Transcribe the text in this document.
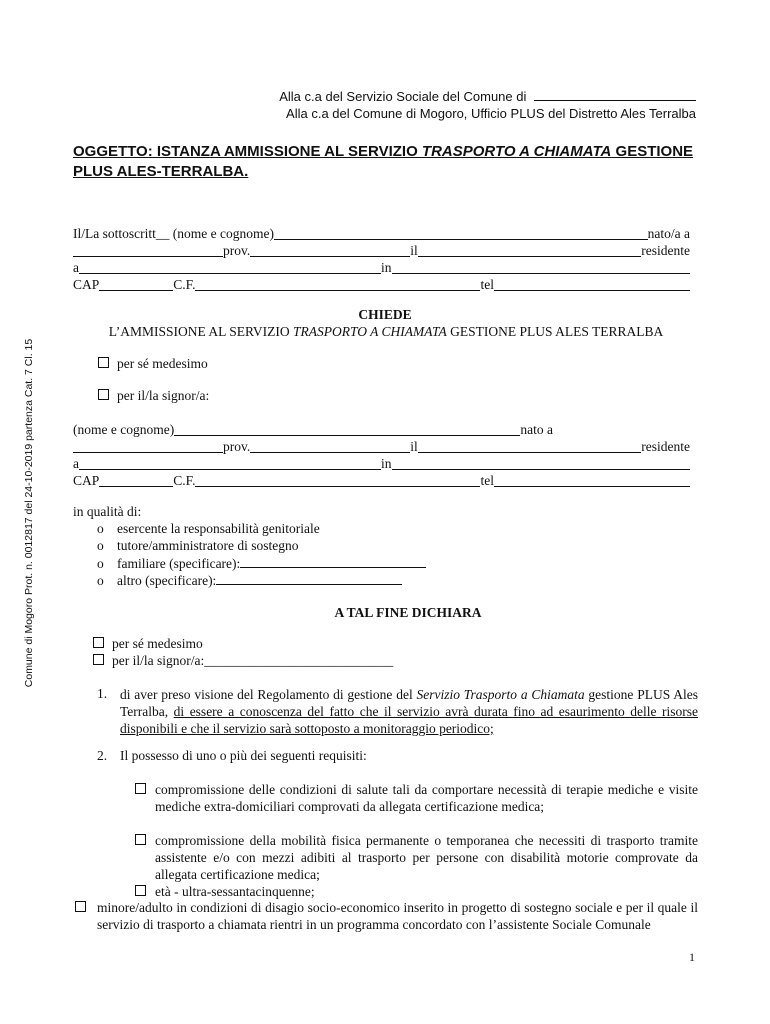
Comune di Mogoro Prot. n. 0012817 del 24-10-2019 partenza Cat. 7 Cl. 15
Alla c.a del Servizio Sociale del Comune di
Alla c.a del Comune di Mogoro, Ufficio PLUS del Distretto Ales Terralba
OGGETTO: ISTANZA AMMISSIONE AL SERVIZIO TRASPORTO A CHIAMATA GESTIONE PLUS ALES-TERRALBA.
Il/La sottoscritt__ (nome e cognome)	nato/a a
prov.	il	residente
a	in
CAP	C.F.	tel
CHIEDE
L’AMMISSIONE AL SERVIZIO TRASPORTO A CHIAMATA GESTIONE PLUS ALES TERRALBA
per sé medesimo
per il/la signor/a:
(nome e cognome)	nato a
prov.	il	residente
a	in
CAP	C.F.	tel
in qualità di:
o esercente la responsabilità genitoriale
o tutore/amministratore di sostegno
o familiare (specificare):
o altro (specificare):
A TAL FINE DICHIARA
per sé medesimo
per il/la signor/a:____________________________
1. di aver preso visione del Regolamento di gestione del Servizio Trasporto a Chiamata gestione PLUS Ales Terralba, di essere a conoscenza del fatto che il servizio avrà durata fino ad esaurimento delle risorse disponibili e che il servizio sarà sottoposto a monitoraggio periodico;
2. Il possesso di uno o più dei seguenti requisiti:
compromissione delle condizioni di salute tali da comportare necessità di terapie mediche e visite mediche extra-domiciliari comprovati da allegata certificazione medica;
compromissione della mobilità fisica permanente o temporanea che necessiti di trasporto tramite assistente e/o con mezzi adibiti al trasporto per persone con disabilità motorie comprovate da allegata certificazione medica;
età - ultra-sessantacinquenne;
minore/adulto in condizioni di disagio socio-economico inserito in progetto di sostegno sociale e per il quale il servizio di trasporto a chiamata rientri in un programma concordato con l’assistente Sociale Comunale
1
